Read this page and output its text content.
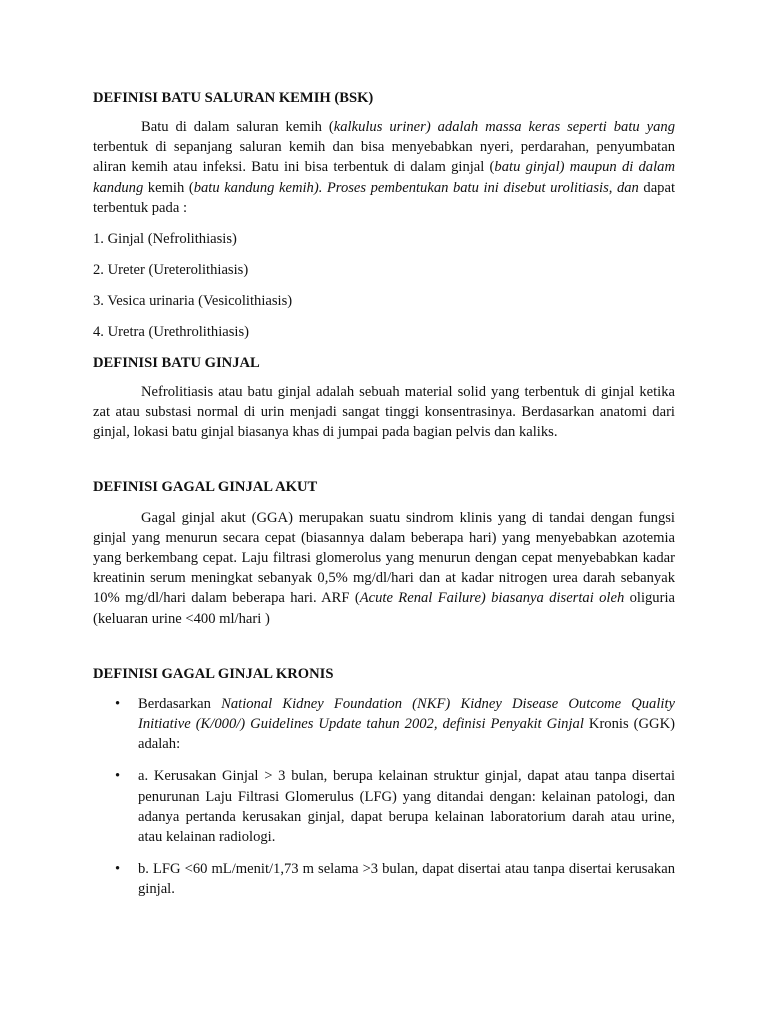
DEFINISI BATU SALURAN KEMIH (BSK)

Batu di dalam saluran kemih (kalkulus uriner) adalah massa keras seperti batu yang terbentuk di sepanjang saluran kemih dan bisa menyebabkan nyeri, perdarahan, penyumbatan aliran kemih atau infeksi. Batu ini bisa terbentuk di dalam ginjal (batu ginjal) maupun di dalam kandung kemih (batu kandung kemih). Proses pembentukan batu ini disebut urolitiasis, dan dapat terbentuk pada :

1. Ginjal (Nefrolithiasis)

2. Ureter (Ureterolithiasis)

3. Vesica urinaria (Vesicolithiasis)

4. Uretra (Urethrolithiasis)

DEFINISI BATU GINJAL

Nefrolitiasis atau batu ginjal adalah sebuah material solid yang terbentuk di ginjal ketika zat atau substasi normal di urin menjadi sangat tinggi konsentrasinya. Berdasarkan anatomi dari ginjal, lokasi batu ginjal biasanya khas di jumpai pada bagian pelvis dan kaliks.

DEFINISI GAGAL GINJAL AKUT

Gagal ginjal akut (GGA) merupakan suatu sindrom klinis yang di tandai dengan fungsi ginjal yang menurun secara cepat (biasannya dalam beberapa hari) yang menyebabkan azotemia yang berkembang cepat. Laju filtrasi glomerolus yang menurun dengan cepat menyebabkan kadar kreatinin serum meningkat sebanyak 0,5% mg/dl/hari dan at kadar nitrogen urea darah sebanyak 10% mg/dl/hari dalam beberapa hari. ARF (Acute Renal Failure) biasanya disertai oleh oliguria (keluaran urine <400 ml/hari )

DEFINISI GAGAL GINJAL KRONIS
• Berdasarkan National Kidney Foundation (NKF) Kidney Disease Outcome Quality Initiative (K/000/) Guidelines Update tahun 2002, definisi Penyakit Ginjal Kronis (GGK) adalah:
• a. Kerusakan Ginjal > 3 bulan, berupa kelainan struktur ginjal, dapat atau tanpa disertai penurunan Laju Filtrasi Glomerulus (LFG) yang ditandai dengan: kelainan patologi, dan adanya pertanda kerusakan ginjal, dapat berupa kelainan laboratorium darah atau urine, atau kelainan radiologi.
• b. LFG <60 mL/menit/1,73 m selama >3 bulan, dapat disertai atau tanpa disertai kerusakan ginjal.
